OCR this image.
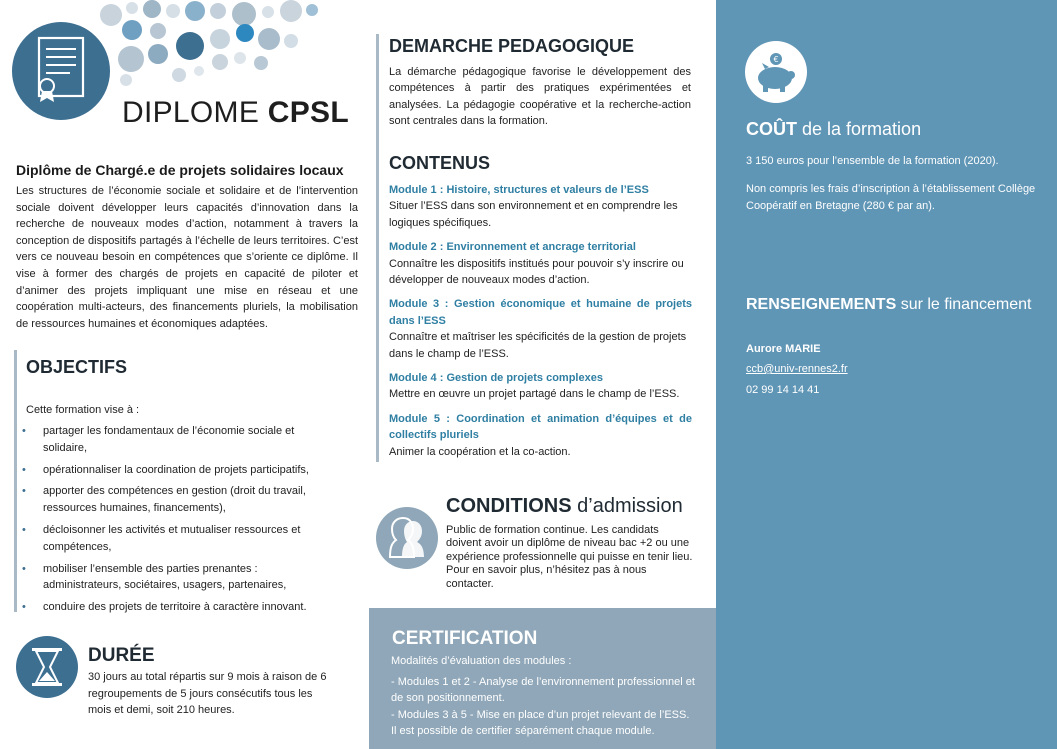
DIPLOME CPSL
Diplôme de Chargé.e de projets solidaires locaux
Les structures de l’économie sociale et solidaire et de l’intervention sociale doivent développer leurs capacités d’innovation dans la recherche de nouveaux modes d’action, notamment à travers la conception de dispositifs partagés à l’échelle de leurs territoires. C’est vers ce nouveau besoin en compétences que s’oriente ce diplôme. Il vise à former des chargés de projets en capacité de piloter et d’animer des projets impliquant une mise en réseau et une coopération multi-acteurs, des financements pluriels, la mobilisation de ressources humaines et économiques adaptées.
OBJECTIFS
Cette formation vise à :
• partager les fondamentaux de l’économie sociale et solidaire,
• opérationnaliser la coordination de projets participatifs,
• apporter des compétences en gestion (droit du travail, ressources humaines, financements),
• décloisonner les activités et mutualiser ressources et compétences,
• mobiliser l’ensemble des parties prenantes : administrateurs, sociétaires, usagers, partenaires,
• conduire des projets de territoire à caractère innovant.
DURÉE
30 jours au total répartis sur 9 mois à raison de 6 regroupements de 5 jours consécutifs tous les mois et demi, soit 210 heures.
DEMARCHE PEDAGOGIQUE
La démarche pédagogique favorise le développement des compétences à partir des pratiques expérimentées et analysées. La pédagogie coopérative et la recherche-action sont centrales dans la formation.
CONTENUS
Module 1 : Histoire, structures et valeurs de l’ESS
Situer l’ESS dans son environnement et en comprendre les logiques spécifiques.
Module 2 : Environnement et ancrage territorial
Connaître les dispositifs institués pour pouvoir s’y inscrire ou développer de nouveaux modes d’action.
Module 3 : Gestion économique et humaine de projets dans l’ESS
Connaître et maîtriser les spécificités de la gestion de projets dans le champ de l’ESS.
Module 4 : Gestion de projets complexes
Mettre en œuvre un projet partagé dans le champ de l’ESS.
Module 5 : Coordination et animation d’équipes et de collectifs pluriels
Animer la coopération et la co-action.
CONDITIONS d’admission
Public de formation continue. Les candidats doivent avoir un diplôme de niveau bac +2 ou une expérience professionnelle qui puisse en tenir lieu.
Pour en savoir plus, n’hésitez pas à nous contacter.
CERTIFICATION
Modalités d’évaluation des modules :
- Modules 1 et 2 - Analyse de l’environnement professionnel et de son positionnement.
- Modules 3 à 5 - Mise en place d’un projet relevant de l’ESS.
Il est possible de certifier séparément chaque module.
€
COÛT de la formation
3 150 euros pour l’ensemble de la formation (2020).
Non compris les frais d’inscription à l’établissement Collège Coopératif en Bretagne (280 € par an).
RENSEIGNEMENTS sur le financement
Aurore MARIE
ccb@univ-rennes2.fr
02 99 14 14 41
